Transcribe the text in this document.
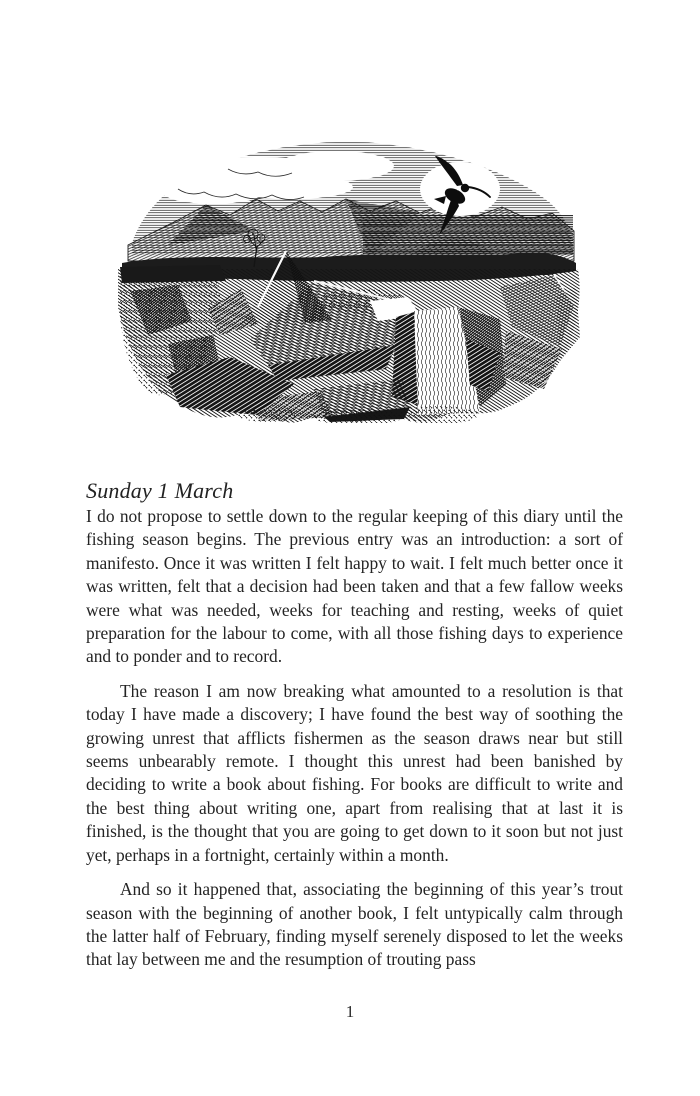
Sunday 1 March

I do not propose to settle down to the regular keeping of this diary until the fishing season begins. The previous entry was an introduction: a sort of manifesto. Once it was written I felt happy to wait. I felt much better once it was written, felt that a decision had been taken and that a few fallow weeks were what was needed, weeks for teaching and resting, weeks of quiet preparation for the labour to come, with all those fishing days to experience and to ponder and to record.

The reason I am now breaking what amounted to a resolution is that today I have made a discovery; I have found the best way of soothing the growing unrest that afflicts fishermen as the season draws near but still seems unbearably remote. I thought this unrest had been banished by deciding to write a book about fishing. For books are difficult to write and the best thing about writing one, apart from realising that at last it is finished, is the thought that you are going to get down to it soon but not just yet, perhaps in a fortnight, certainly within a month.

And so it happened that, associating the beginning of this year’s trout season with the beginning of another book, I felt untypically calm through the latter half of February, finding myself serenely disposed to let the weeks that lay between me and the resumption of trouting pass

1
